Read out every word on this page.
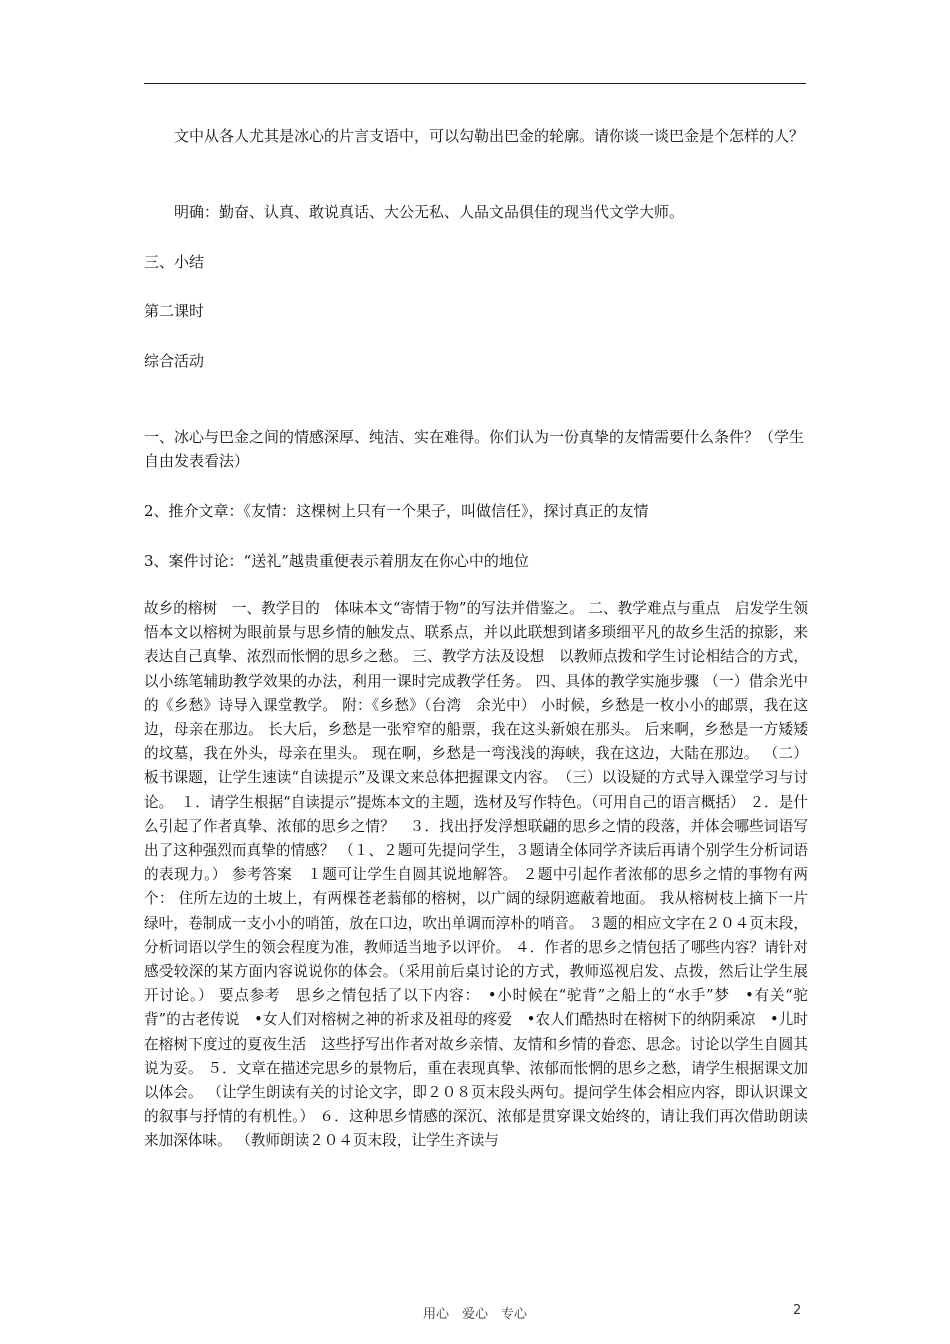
文中从各人尤其是冰心的片言支语中，可以勾勒出巴金的轮廓。请你谈一谈巴金是个怎样的人？

明确：勤奋、认真、敢说真话、大公无私、人品文品俱佳的现当代文学大师。

三、小结

第二课时

综合活动

一、冰心与巴金之间的情感深厚、纯洁、实在难得。你们认为一份真挚的友情需要什么条件？（学生自由发表看法）

2、推介文章：《友情：这棵树上只有一个果子，叫做信任》，探讨真正的友情

3、案件讨论：“送礼”越贵重便表示着朋友在你心中的地位

故乡的榕树　一、教学目的　体味本文“寄情于物”的写法并借鉴之。 二、教学难点与重点　启发学生领悟本文以榕树为眼前景与思乡情的触发点、联系点，并以此联想到诸多琐细平凡的故乡生活的掠影，来表达自己真挚、浓烈而怅惘的思乡之愁。 三、教学方法及设想　以教师点拨和学生讨论相结合的方式，以小练笔辅助教学效果的办法，利用一课时完成教学任务。 四、具体的教学实施步骤 （一）借余光中的《乡愁》诗导入课堂教学。 附：《乡愁》（台湾　余光中） 小时候，乡愁是一枚小小的邮票，我在这边，母亲在那边。 长大后，乡愁是一张窄窄的船票，我在这头新娘在那头。 后来啊，乡愁是一方矮矮的坟墓，我在外头，母亲在里头。 现在啊，乡愁是一弯浅浅的海峡，我在这边，大陆在那边。 （二）板书课题，让学生速读“自读提示”及课文来总体把握课文内容。　（三）以设疑的方式导入课堂学习与讨论。　１．请学生根据“自读提示”提炼本文的主题，选材及写作特色。（可用自己的语言概括） ２．是什么引起了作者真挚、浓郁的思乡之情？　３．找出抒发浮想联翩的思乡之情的段落，并体会哪些词语写出了这种强烈而真挚的情感？ （１、２题可先提问学生，３题请全体同学齐读后再请个别学生分析词语的表现力。） 参考答案　１题可让学生自圆其说地解答。 ２题中引起作者浓郁的思乡之情的事物有两个： 住所左边的土坡上，有两棵苍老蓊郁的榕树，以广阔的绿阴遮蔽着地面。 我从榕树枝上摘下一片绿叶，卷制成一支小小的哨笛，放在口边，吹出单调而淳朴的哨音。 ３题的相应文字在２０４页末段，分析词语以学生的领会程度为准，教师适当地予以评价。 ４．作者的思乡之情包括了哪些内容？请针对感受较深的某方面内容说说你的体会。（采用前后桌讨论的方式，教师巡视启发、点拨，然后让学生展开讨论。） 要点参考　思乡之情包括了以下内容：　•小时候在“驼背”之船上的“水手”梦　•有关“驼背”的古老传说　•女人们对榕树之神的祈求及祖母的疼爱　•农人们酷热时在榕树下的纳阴乘凉　•儿时在榕树下度过的夏夜生活　这些抒写出作者对故乡亲情、友情和乡情的眷恋、思念。讨论以学生自圆其说为妥。 ５．文章在描述完思乡的景物后，重在表现真挚、浓郁而怅惘的思乡之愁，请学生根据课文加以体会。 （让学生朗读有关的讨论文字，即２０８页末段头两句。提问学生体会相应内容，即认识课文的叙事与抒情的有机性。） ６．这种思乡情感的深沉、浓郁是贯穿课文始终的，请让我们再次借助朗读来加深体味。 （教师朗读２０４页末段，让学生齐读与

用心　爱心　专心	2
